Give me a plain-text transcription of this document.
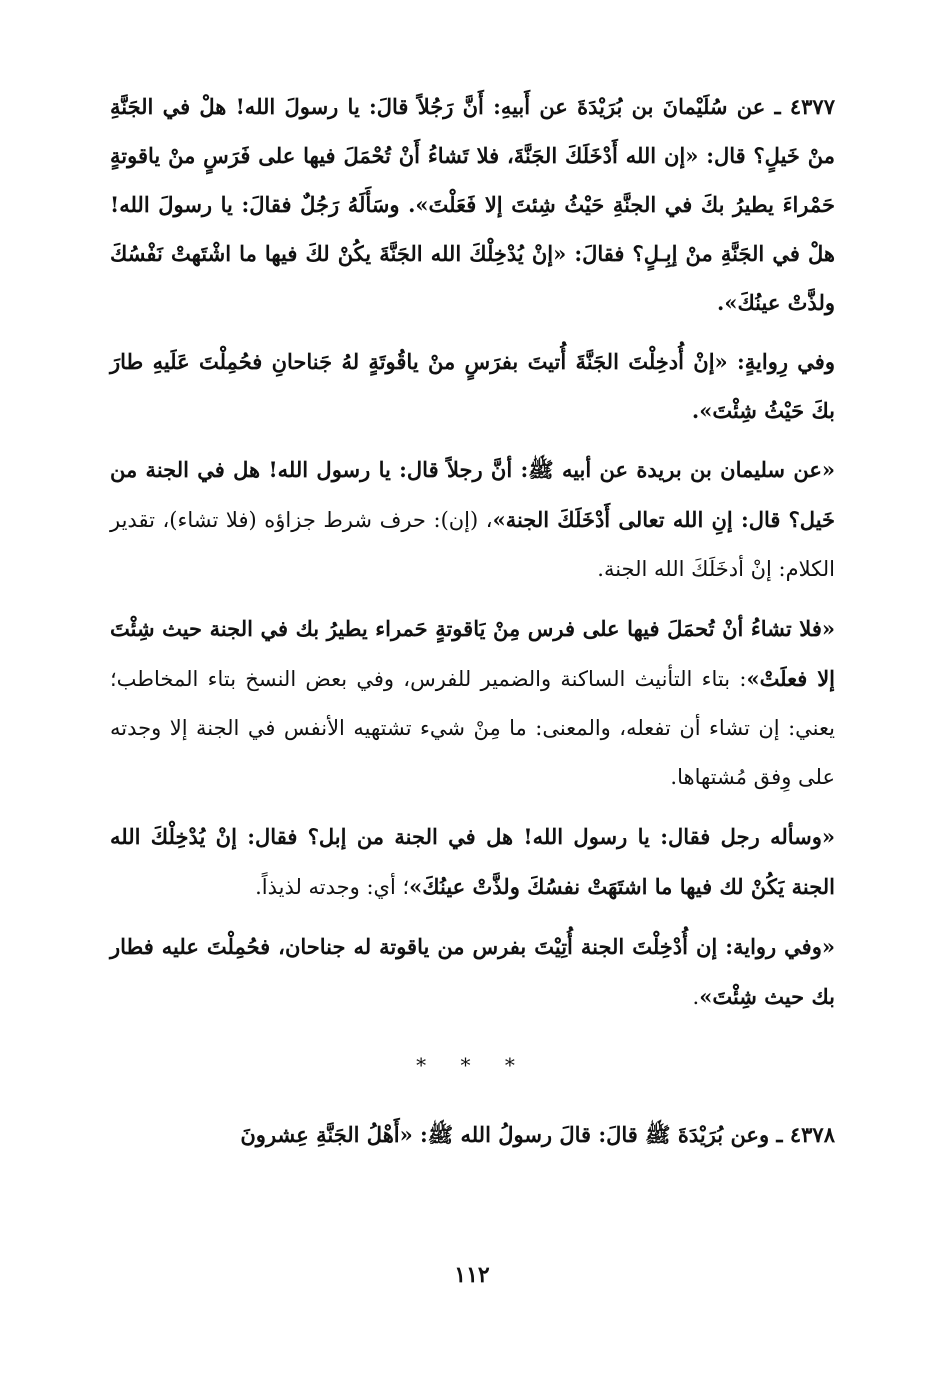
٤٣٧٧ ـ عن سُلَيْمانَ بن بُرَيْدَةَ عن أَبيهِ: أَنَّ رَجُلاً قالَ: يا رسولَ الله! هلْ في الجَنَّةِ منْ خَيلٍ؟ قال: «إن الله أَدْخَلَكَ الجَنَّةَ، فلا تَشاءُ أَنْ تُحْمَلَ فيها على فَرَسٍ منْ ياقوتةٍ حَمْراءَ يطيرُ بكَ في الجنَّةِ حَيْثُ شِئتَ إلا فَعَلْتَ». وسَأَلَهُ رَجُلٌ فقالَ: يا رسولَ الله! هلْ في الجَنَّةِ منْ إبِـلٍ؟ فقالَ: «إنْ يُدْخِلْكَ الله الجَنَّةَ يكُنْ لكَ فيها ما اشْتَهتْ نَفْسُكَ ولذَّتْ عينُكَ».

وفي رِوايةٍ: «إنْ أُدخِلْتَ الجَنَّةَ أُتيتَ بفرَسٍ منْ ياقُوتَةٍ لهُ جَناحانِ فحُمِلْتَ عَلَيهِ طارَ بكَ حَيْثُ شِئْتَ».

«عن سليمان بن بريدة عن أبيه ﷺ: أنَّ رجلاً قال: يا رسول الله! هل في الجنة من خَيل؟ قال: إنِ الله تعالى أَدْخَلَكَ الجنة»، (إن): حرف شرط جزاؤه (فلا تشاء)، تقدير الكلام: إنْ أدخَلَكَ الله الجنة.

«فلا تشاءُ أنْ تُحمَلَ فيها على فرس مِنْ يَاقوتةٍ حَمراء يطيرُ بك في الجنة حيث شِئْتَ إلا فعلَتْ»: بتاء التأنيث الساكنة والضمير للفرس، وفي بعض النسخ بتاء المخاطب؛ يعني: إن تشاء أن تفعله، والمعنى: ما مِنْ شيء تشتهيه الأنفس في الجنة إلا وجدته على وِفق مُشتهاها.

«وسأله رجل فقال: يا رسول الله! هل في الجنة من إبل؟ فقال: إنْ يُدْخِلْكَ الله الجنة يَكُنْ لك فيها ما اشتَهَتْ نفسُكَ ولذَّتْ عينُكَ»؛ أي: وجدته لذيذاً.

«وفي رواية: إن أُدْخِلْتَ الجنة أُتِيْتَ بفرس من ياقوتة له جناحان، فحُمِلْتَ عليه فطار بك حيث شِئْتَ».

* * *

٤٣٧٨ ـ وعن بُرَيْدَةَ ﷺ قالَ: قالَ رسولُ الله ﷺ: «أَهْلُ الجَنَّةِ عِشرونَ

١١٢
